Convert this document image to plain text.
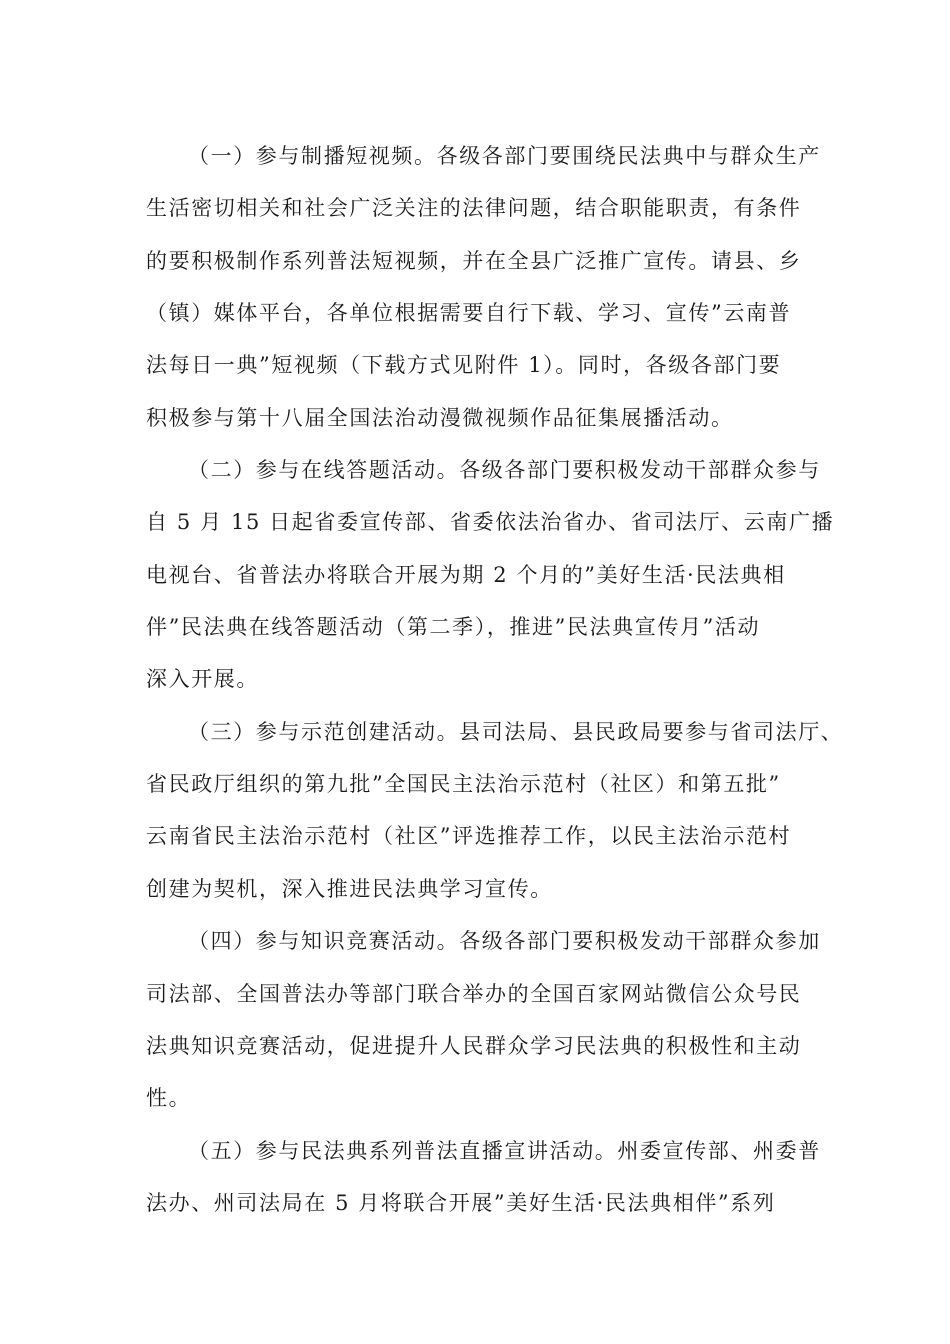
（一）参与制播短视频。各级各部门要围绕民法典中与群众生产
生活密切相关和社会广泛关注的法律问题，结合职能职责，有条件
的要积极制作系列普法短视频，并在全县广泛推广宣传。请县、乡
（镇）媒体平台，各单位根据需要自行下载、学习、宣传”云南普
法每日一典”短视频（下载方式见附件 1）。同时，各级各部门要
积极参与第十八届全国法治动漫微视频作品征集展播活动。
（二）参与在线答题活动。各级各部门要积极发动干部群众参与
自 5 月 15 日起省委宣传部、省委依法治省办、省司法厅、云南广播
电视台、省普法办将联合开展为期 2 个月的”美好生活·民法典相
伴”民法典在线答题活动（第二季），推进”民法典宣传月”活动
深入开展。
（三）参与示范创建活动。县司法局、县民政局要参与省司法厅、
省民政厅组织的第九批”全国民主法治示范村（社区）和第五批”
云南省民主法治示范村（社区”评选推荐工作，以民主法治示范村
创建为契机，深入推进民法典学习宣传。
（四）参与知识竞赛活动。各级各部门要积极发动干部群众参加
司法部、全国普法办等部门联合举办的全国百家网站微信公众号民
法典知识竞赛活动，促进提升人民群众学习民法典的积极性和主动
性。
（五）参与民法典系列普法直播宣讲活动。州委宣传部、州委普
法办、州司法局在 5 月将联合开展”美好生活·民法典相伴”系列
